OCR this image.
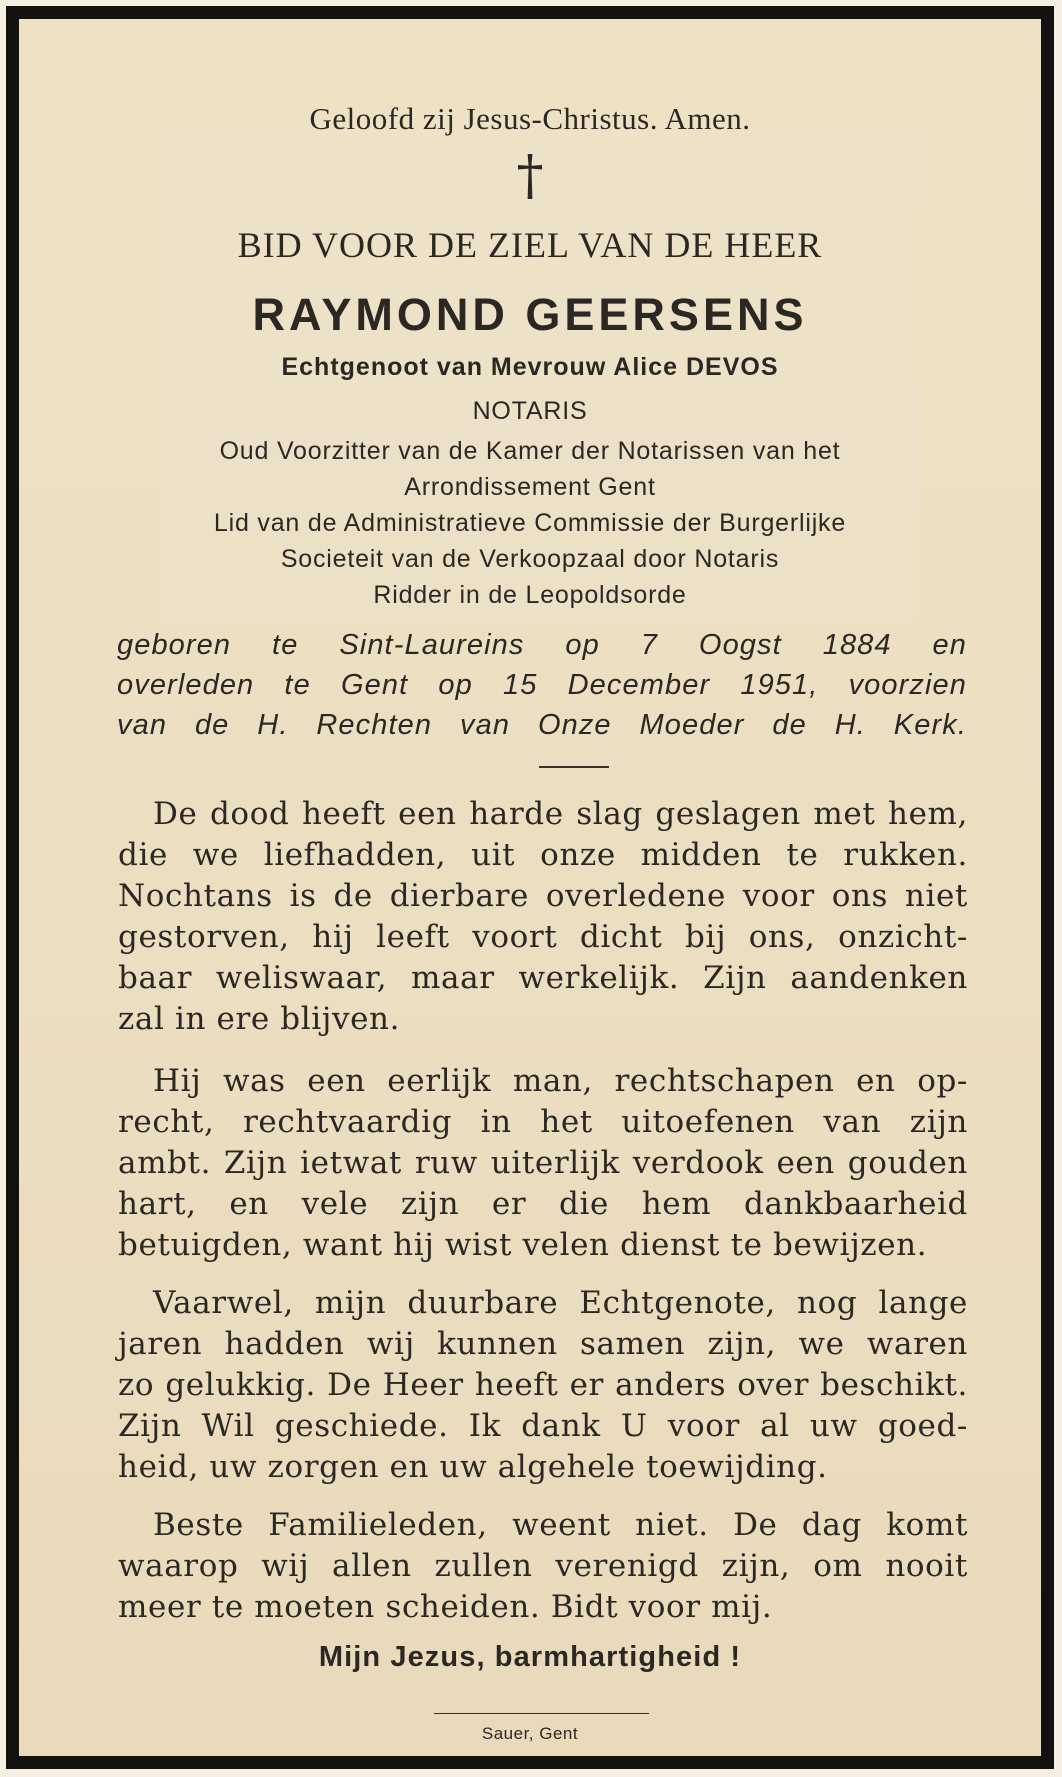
Geloofd zij Jesus-Christus. Amen.
†
BID VOOR DE ZIEL VAN DE HEER
RAYMOND GEERSENS
Echtgenoot van Mevrouw Alice DEVOS
NOTARIS
Oud Voorzitter van de Kamer der Notarissen van het
Arrondissement Gent
Lid van de Administratieve Commissie der Burgerlijke
Societeit van de Verkoopzaal door Notaris
Ridder in de Leopoldsorde
geboren te Sint-Laureins op 7 Oogst 1884 en
overleden te Gent op 15 December 1951, voorzien
van de H. Rechten van Onze Moeder de H. Kerk.
De dood heeft een harde slag geslagen met hem,
die we liefhadden, uit onze midden te rukken.
Nochtans is de dierbare overledene voor ons niet
gestorven, hij leeft voort dicht bij ons, onzicht-
baar weliswaar, maar werkelijk. Zijn aandenken
zal in ere blijven.
Hij was een eerlijk man, rechtschapen en op-
recht, rechtvaardig in het uitoefenen van zijn
ambt. Zijn ietwat ruw uiterlijk verdook een gouden
hart, en vele zijn er die hem dankbaarheid
betuigden, want hij wist velen dienst te bewijzen.
Vaarwel, mijn duurbare Echtgenote, nog lange
jaren hadden wij kunnen samen zijn, we waren
zo gelukkig. De Heer heeft er anders over beschikt.
Zijn Wil geschiede. Ik dank U voor al uw goed-
heid, uw zorgen en uw algehele toewijding.
Beste Familieleden, weent niet. De dag komt
waarop wij allen zullen verenigd zijn, om nooit
meer te moeten scheiden. Bidt voor mij.
Mijn Jezus, barmhartigheid !
Sauer, Gent
